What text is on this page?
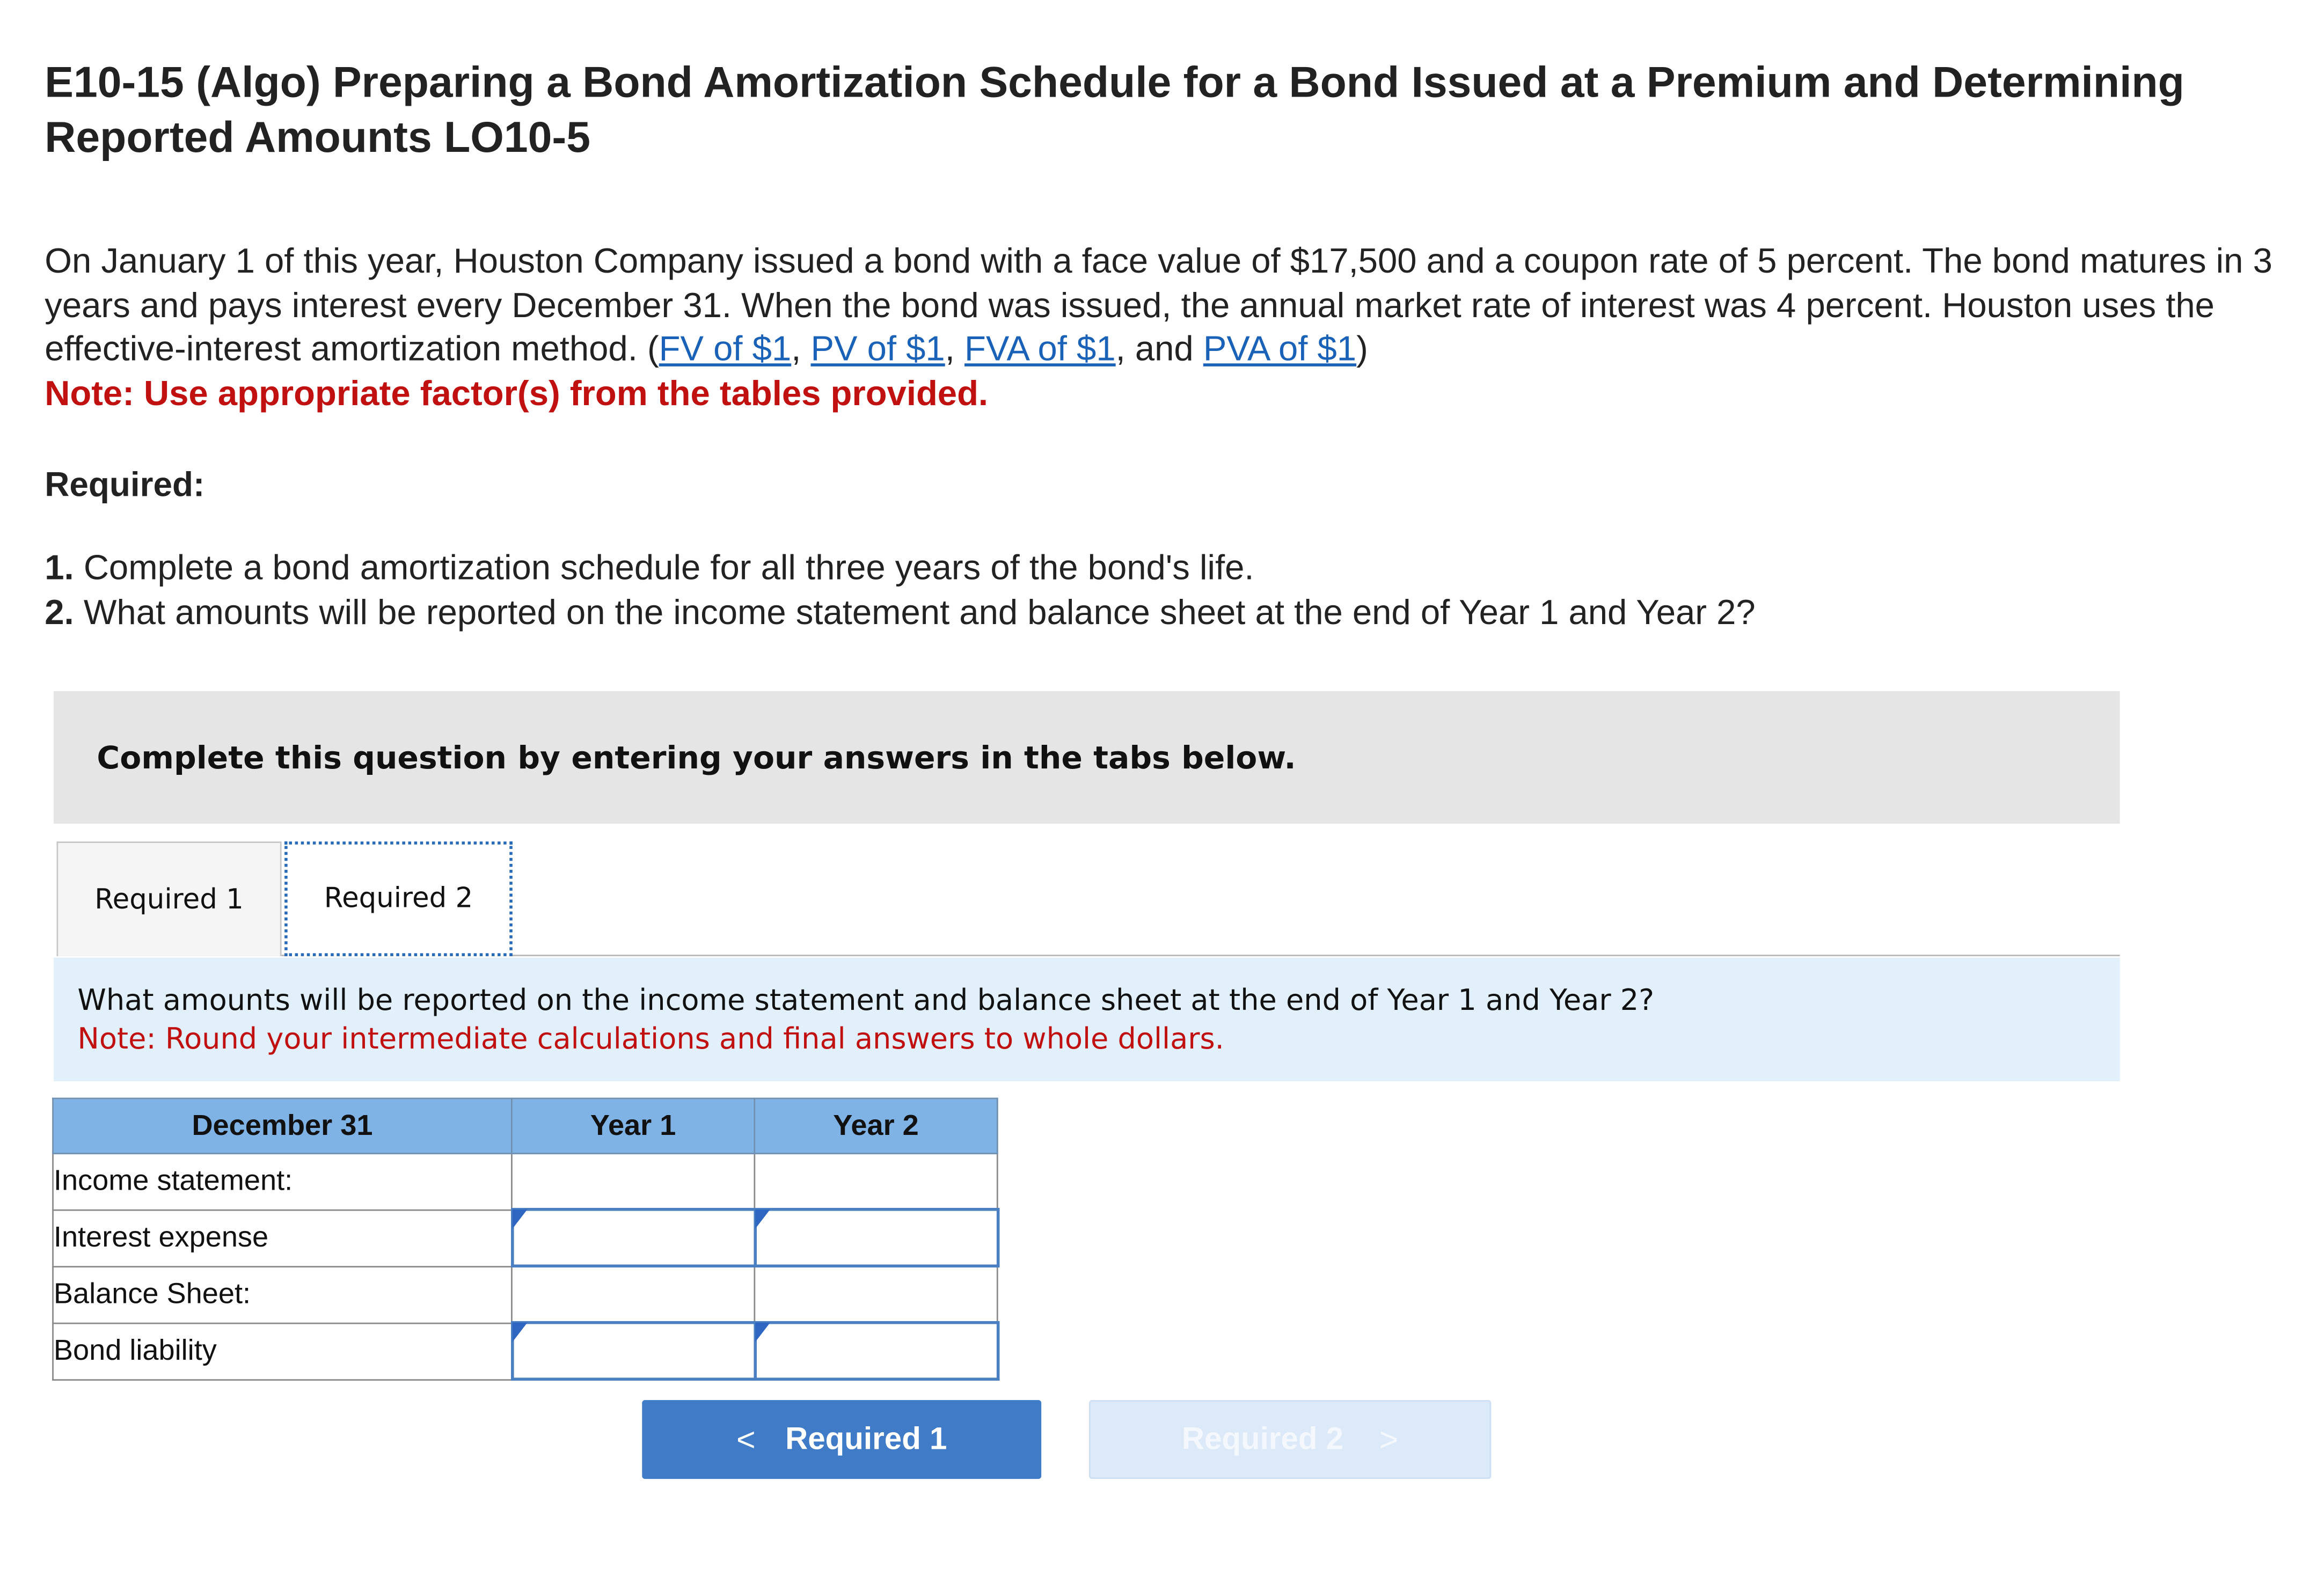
E10-15 (Algo) Preparing a Bond Amortization Schedule for a Bond Issued at a Premium and Determining Reported Amounts LO10-5

On January 1 of this year, Houston Company issued a bond with a face value of $17,500 and a coupon rate of 5 percent. The bond matures in 3 years and pays interest every December 31. When the bond was issued, the annual market rate of interest was 4 percent. Houston uses the effective-interest amortization method. (FV of $1, PV of $1, FVA of $1, and PVA of $1)

Note: Use appropriate factor(s) from the tables provided.

Required:
1. Complete a bond amortization schedule for all three years of the bond's life.
2. What amounts will be reported on the income statement and balance sheet at the end of Year 1 and Year 2?
Complete this question by entering your answers in the tabs below.
Required 1	Required 2
What amounts will be reported on the income statement and balance sheet at the end of Year 1 and Year 2?
Note: Round your intermediate calculations and final answers to whole dollars.
December 31	Year 1	Year 2
Income statement:		
Interest expense	

Balance Sheet:		
Bond liability	

<	Required 1	Required 2	>
